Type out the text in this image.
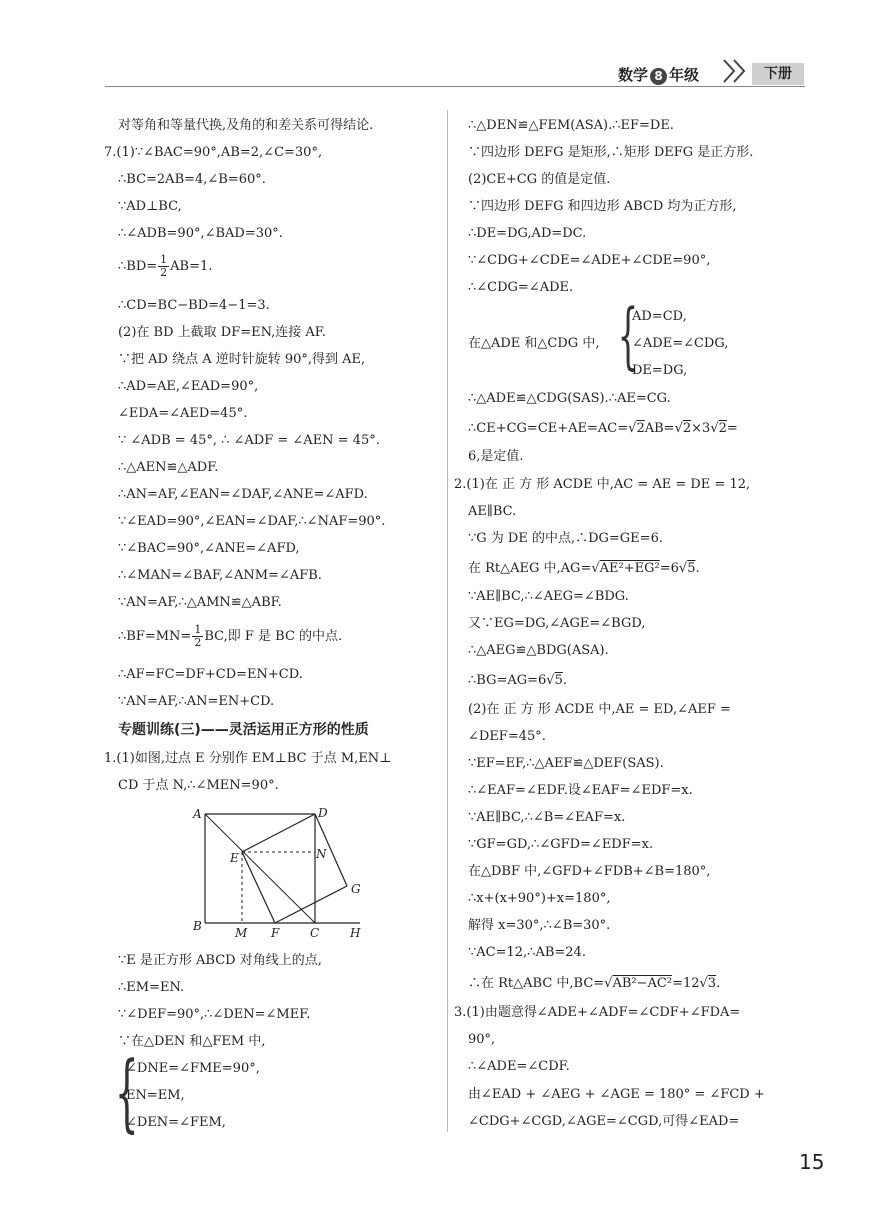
数学 8 年级	下册
对等角和等量代换,及角的和差关系可得结论.
7.(1)∵∠BAC=90°,AB=2,∠C=30°,
∴BC=2AB=4,∠B=60°.
∵AD⊥BC,
∴∠ADB=90°,∠BAD=30°.
∴BD= $\frac{1}{2} AB=1$.
∴CD=BC−BD=4−1=3.
(2)在 BD 上截取 DF=EN,连接 AF.
∵把 AD 绕点 A 逆时针旋转 90°,得到 AE,
∴AD=AE,∠EAD=90°,
∠EDA=∠AED=45°.
∵ ∠ADB = 45°, ∴ ∠ADF = ∠AEN = 45°.
∴△AEN≌△ADF.
∴AN=AF,∠EAN=∠DAF,∠ANE=∠AFD.
∵∠EAD=90°,∠EAN=∠DAF,∴∠NAF=90°.
∵∠BAC=90°,∠ANE=∠AFD,
∴∠MAN=∠BAF,∠ANM=∠AFB.
∵AN=AF,∴△AMN≌△ABF.
∴BF=MN= $\frac{1}{2}$ BC,即 F 是 BC 的中点.
∴AF=FC=DF+CD=EN+CD.
∵AN=AF,∴AN=EN+CD.
专题训练(三)——灵活运用正方形的性质
1.(1)如图,过点 E 分别作 EM⊥BC 于点 M,EN⊥
CD 于点 N,∴∠MEN=90°.
A	D
E	N
G
B	M F	C	H
∵E 是正方形 ABCD 对角线上的点,
∴EM=EN.
∵∠DEF=90°,∴∠DEN=∠MEF.
∵在△DEN 和△FEM 中,
{
∠DNE=∠FME=90°,
EN=EM,
∠DEN=∠FEM,
∴△DEN≌△FEM(ASA).∴EF=DE.
∵四边形 DEFG 是矩形,∴矩形 DEFG 是正方形.
(2)CE+CG 的值是定值.
∵四边形 DEFG 和四边形 ABCD 均为正方形,
∴DE=DG,AD=DC.
∵∠CDG+∠CDE=∠ADE+∠CDE=90°,
∴∠CDG=∠ADE.
在△ADE 和△CDG 中, {
AD=CD,
∠ADE=∠CDG,
DE=DG,
∴△ADE≌△CDG(SAS).∴AE=CG.
∴CE+CG=CE+AE=AC=√2AB=√2×3√2=
6,是定值.
2.(1)在 正 方 形 ACDE 中,AC = AE = DE = 12,
AE∥BC.
∵G 为 DE 的中点,∴DG=GE=6.
在 Rt△AEG 中,AG=√AE²+EG²=6√5.
∵AE∥BC,∴∠AEG=∠BDG.
又∵EG=DG,∠AGE=∠BGD,
∴△AEG≌△BDG(ASA).
∴BG=AG=6√5.
(2)在 正 方 形 ACDE 中,AE = ED,∠AEF =
∠DEF=45°.
∵EF=EF,∴△AEF≌△DEF(SAS).
∴∠EAF=∠EDF.设∠EAF=∠EDF=x.
∵AE∥BC,∴∠B=∠EAF=x.
∵GF=GD,∴∠GFD=∠EDF=x.
在△DBF 中,∠GFD+∠FDB+∠B=180°,
∴x+(x+90°)+x=180°,
解得 x=30°,∴∠B=30°.
∵AC=12,∴AB=24.
∴在 Rt△ABC 中,BC=√AB²−AC²=12√3.
3.(1)由题意得∠ADE+∠ADF=∠CDF+∠FDA=
90°,
∴∠ADE=∠CDF.
由∠EAD + ∠AEG + ∠AGE = 180° = ∠FCD +
∠CDG+∠CGD,∠AGE=∠CGD,可得∠EAD=
15
